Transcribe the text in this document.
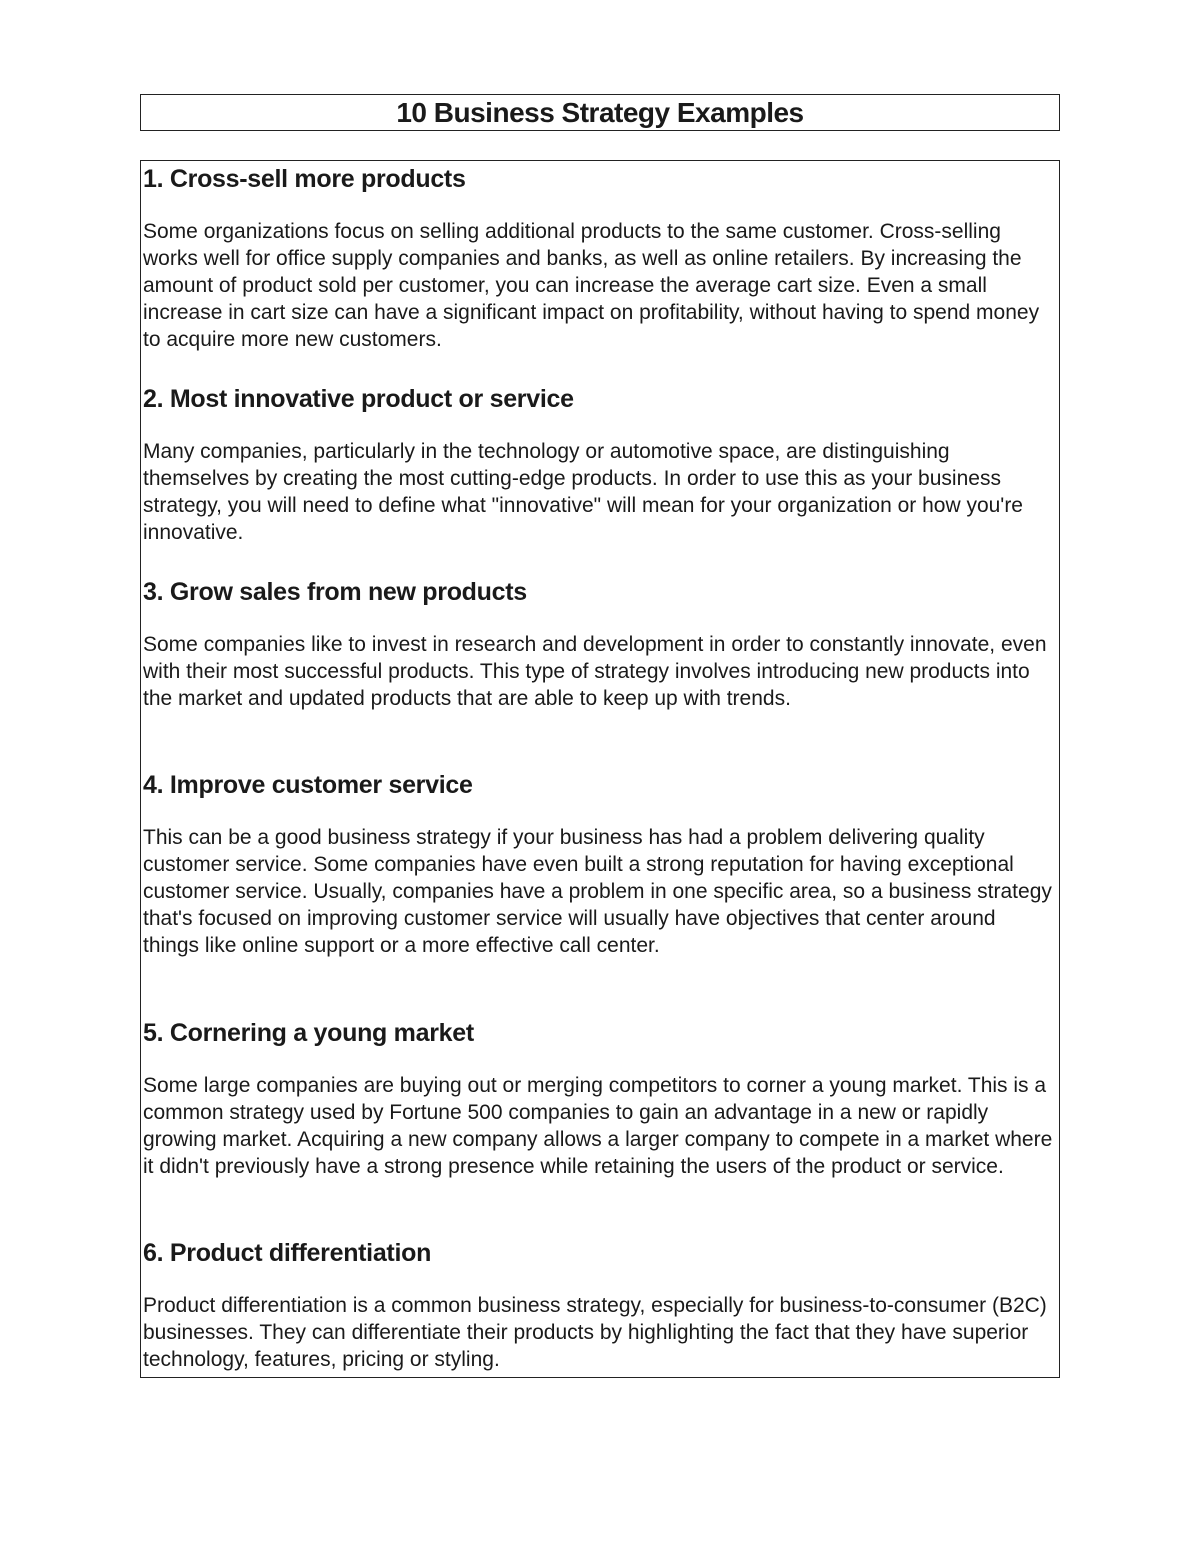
10 Business Strategy Examples
1. Cross-sell more products

Some organizations focus on selling additional products to the same customer. Cross-selling works well for office supply companies and banks, as well as online retailers. By increasing the amount of product sold per customer, you can increase the average cart size. Even a small increase in cart size can have a significant impact on profitability, without having to spend money to acquire more new customers.

2. Most innovative product or service

Many companies, particularly in the technology or automotive space, are distinguishing themselves by creating the most cutting-edge products. In order to use this as your business strategy, you will need to define what "innovative" will mean for your organization or how you're innovative.

3. Grow sales from new products

Some companies like to invest in research and development in order to constantly innovate, even with their most successful products. This type of strategy involves introducing new products into the market and updated products that are able to keep up with trends.

4. Improve customer service

This can be a good business strategy if your business has had a problem delivering quality customer service. Some companies have even built a strong reputation for having exceptional customer service. Usually, companies have a problem in one specific area, so a business strategy that's focused on improving customer service will usually have objectives that center around things like online support or a more effective call center.

5. Cornering a young market

Some large companies are buying out or merging competitors to corner a young market. This is a common strategy used by Fortune 500 companies to gain an advantage in a new or rapidly growing market. Acquiring a new company allows a larger company to compete in a market where it didn't previously have a strong presence while retaining the users of the product or service.

6. Product differentiation

Product differentiation is a common business strategy, especially for business-to-consumer (B2C) businesses. They can differentiate their products by highlighting the fact that they have superior technology, features, pricing or styling.
